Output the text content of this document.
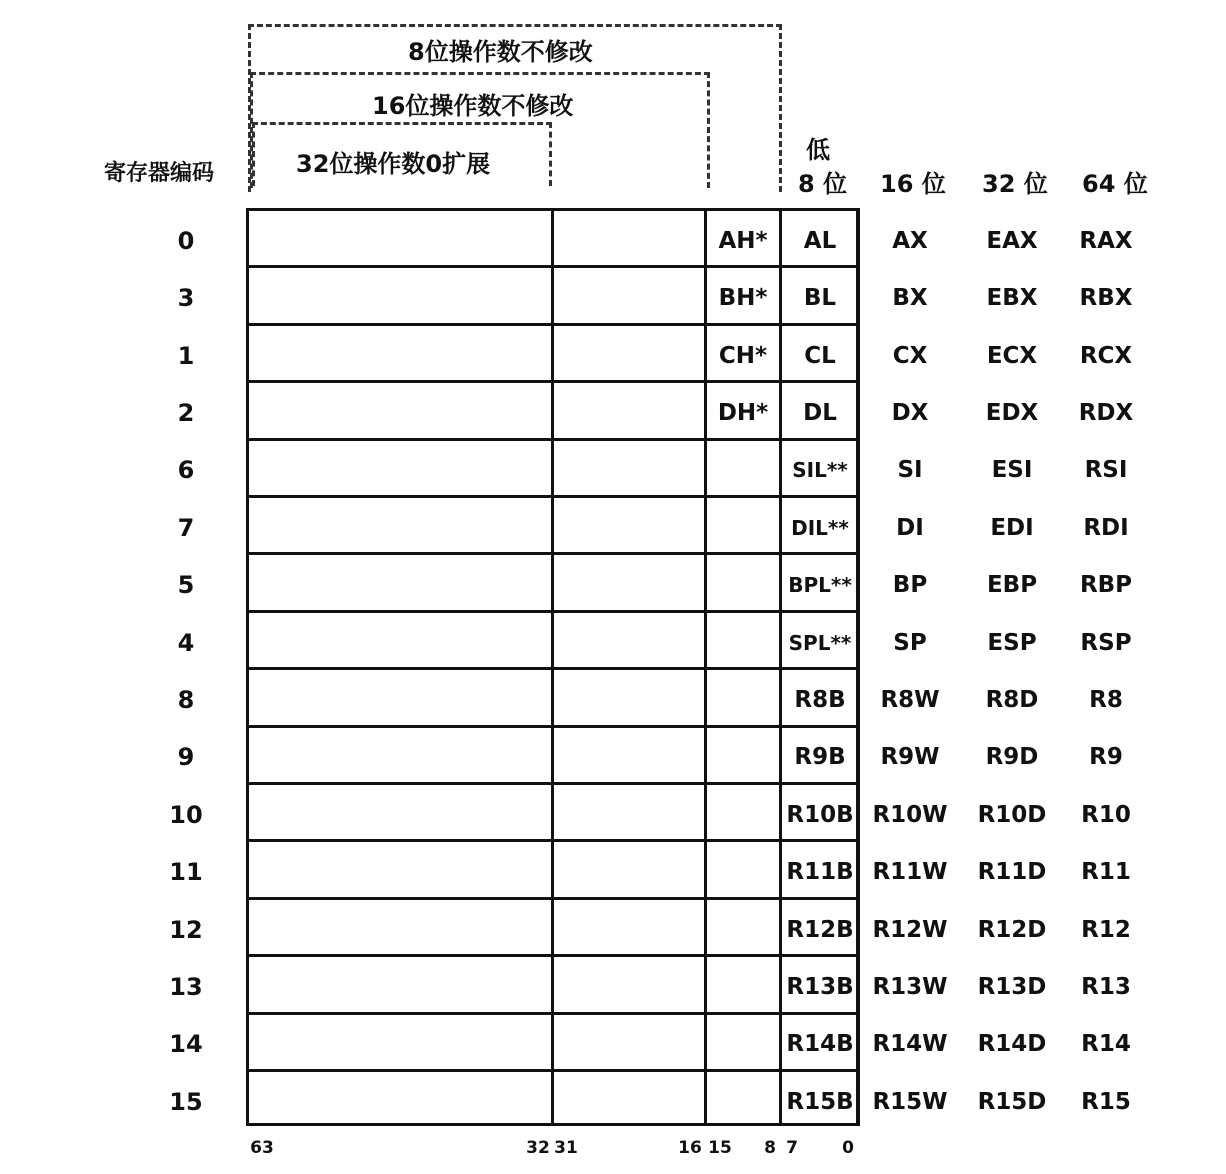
8位操作数不修改
16位操作数不修改
32位操作数0扩展
寄存器编码
低
8 位 16 位 32 位 64 位
0	AH* AL AX	EAX RAX
3	BH* BL BX	EBX RBX
1	CH* CL CX	ECX RCX
2	DH* DL DX EDX RDX
6	SIL** SI	ESI RSI
7	DIL** DI	EDI RDI
5	BPL** BP	EBP RBP
4	SPL** SP	ESP RSP
8	R8B R8W R8D R8
9	R9B R9W R9D R9
10	R10B R10W R10D R10
11	R11B R11W R11D R11
12	R12B R12W R12D R12
13	R13B R13W R13D R13
14	R14B R14W R14D R14
15	R15B R15W R15D R15
63	32 31	16 15 8 7	0
